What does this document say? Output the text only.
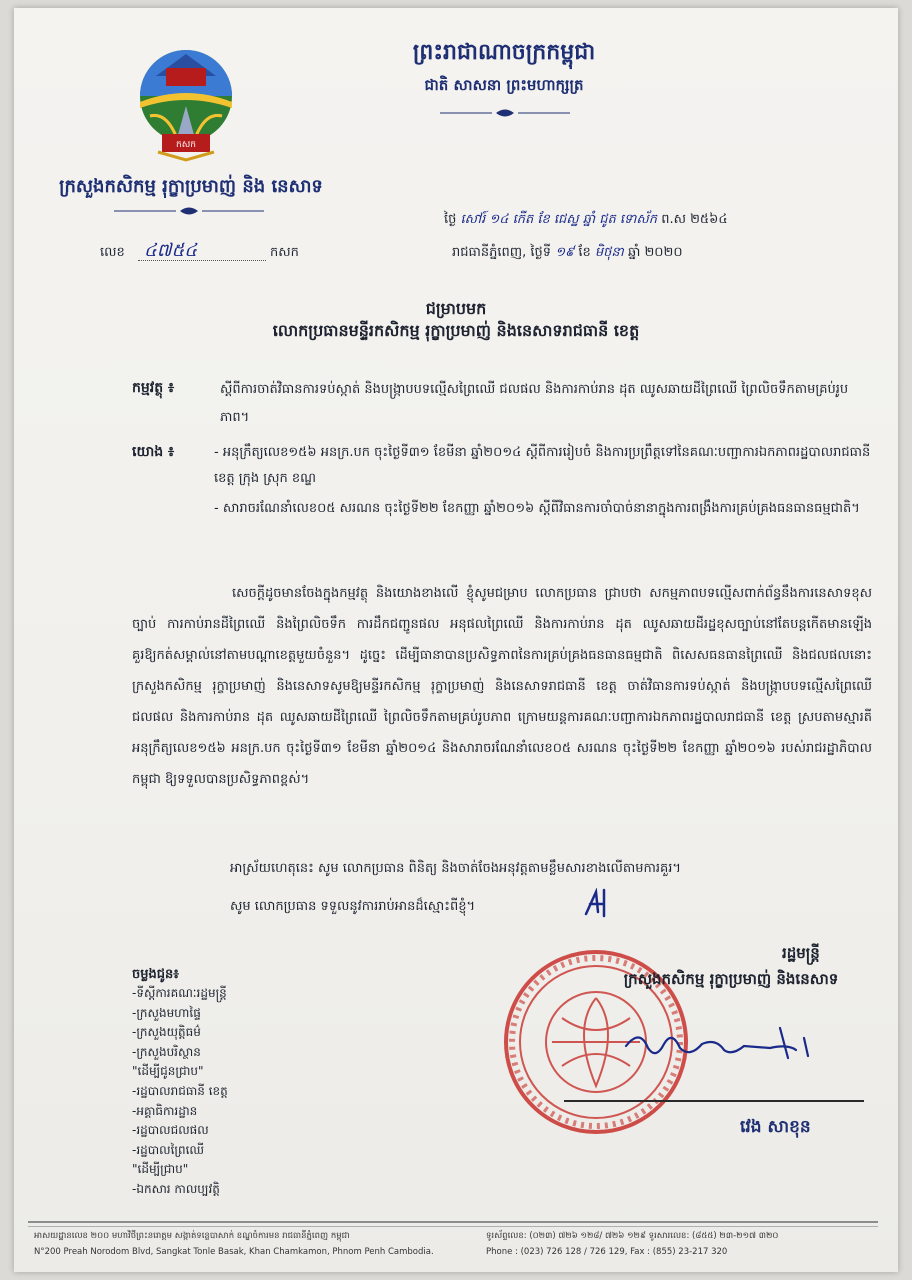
កសក
ព្រះរាជាណាចក្រកម្ពុជា
ជាតិ សាសនា ព្រះមហាក្សត្រ
ក្រសួងកសិកម្ម រុក្ខាប្រមាញ់ និង នេសាទ
លេខ ៤៧៥៤	កសក
ថ្ងៃ សៅរ៍ ១៤ កើត ខែ ជេស្ឋ ឆ្នាំ ជូត ទោស័ក ព.ស ២៥៦៤
រាជធានីភ្នំពេញ, ថ្ងៃទី ១៩ ខែ មិថុនា ឆ្នាំ ២០២០
ជម្រាបមក
លោកប្រធានមន្ទីរកសិកម្ម រុក្ខាប្រមាញ់ និងនេសាទរាជធានី ខេត្ត
កម្មវត្ថុ ៖	ស្តីពីការចាត់វិធានការទប់ស្កាត់ និងបង្ក្រាបបទល្មើសព្រៃឈើ ជលផល និងការកាប់រាន ដុត ឈូសឆាយដីព្រៃឈើ ព្រៃលិចទឹកតាមគ្រប់រូបភាព។
យោង ៖	- អនុក្រឹត្យលេខ១៥៦ អនក្រ.បក ចុះថ្ងៃទី៣១ ខែមីនា ឆ្នាំ២០១៤ ស្តីពីការរៀបចំ និងការប្រព្រឹត្តទៅនៃគណៈបញ្ជាការឯកភាពរដ្ឋបាលរាជធានី ខេត្ត ក្រុង ស្រុក ខណ្ឌ
- សារាចរណែនាំលេខ០៥ សរណន ចុះថ្ងៃទី២២ ខែកញ្ញា ឆ្នាំ២០១៦ ស្តីពីវិធានការចាំបាច់នានាក្នុងការពង្រឹងការគ្រប់គ្រងធនធានធម្មជាតិ។
សេចក្តីដូចមានចែងក្នុងកម្មវត្ថុ និងយោងខាងលើ ខ្ញុំសូមជម្រាប លោកប្រធាន ជ្រាបថា សកម្មភាពបទល្មើសពាក់ព័ន្ធនឹងការនេសាទខុសច្បាប់ ការកាប់រានដីព្រៃឈើ និងព្រៃលិចទឹក ការដឹកជញ្ជូនផល អនុផលព្រៃឈើ និងការកាប់រាន ដុត ឈូសឆាយដីរដ្ឋខុសច្បាប់នៅតែបន្តកើតមានឡើងគួរឱ្យកត់សម្គាល់នៅតាមបណ្តាខេត្តមួយចំនួន។ ដូច្នេះ ដើម្បីធានាបានប្រសិទ្ធភាពនៃការគ្រប់គ្រងធនធានធម្មជាតិ ពិសេសធនធានព្រៃឈើ និងជលផលនោះ ក្រសួងកសិកម្ម រុក្ខាប្រមាញ់ និងនេសាទសូមឱ្យមន្ទីរកសិកម្ម រុក្ខាប្រមាញ់ និងនេសាទរាជធានី ខេត្ត ចាត់វិធានការទប់ស្កាត់ និងបង្ក្រាបបទល្មើសព្រៃឈើ ជលផល និងការកាប់រាន ដុត ឈូសឆាយដីព្រៃឈើ ព្រៃលិចទឹកតាមគ្រប់រូបភាព ក្រោមយន្តការគណៈបញ្ជាការឯកភាពរដ្ឋបាលរាជធានី ខេត្ត ស្របតាមស្មារតីអនុក្រឹត្យលេខ១៥៦ អនក្រ.បក ចុះថ្ងៃទី៣១ ខែមីនា ឆ្នាំ២០១៤ និងសារាចរណែនាំលេខ០៥ សរណន ចុះថ្ងៃទី២២ ខែកញ្ញា ឆ្នាំ២០១៦ របស់រាជរដ្ឋាភិបាលកម្ពុជា ឱ្យទទួលបានប្រសិទ្ធភាពខ្ពស់។
អាស្រ័យហេតុនេះ សូម លោកប្រធាន ពិនិត្យ និងចាត់ចែងអនុវត្តតាមខ្លឹមសារខាងលើតាមការគួរ។
សូម លោកប្រធាន ទទួលនូវការរាប់អានដ៏ស្មោះពីខ្ញុំ។
រដ្ឋមន្ត្រី
ក្រសួងកសិកម្ម រុក្ខាប្រមាញ់ និងនេសាទ
វេង សាខុន
ចម្លងជូន៖
-ទីស្តីការគណៈរដ្ឋមន្ត្រី
-ក្រសួងមហាផ្ទៃ
-ក្រសួងយុត្តិធម៌
-ក្រសួងបរិស្ថាន
"ដើម្បីជូនជ្រាប"
-រដ្ឋបាលរាជធានី ខេត្ត
-អគ្គាធិការដ្ឋាន
-រដ្ឋបាលជលផល
-រដ្ឋបាលព្រៃឈើ
"ដើម្បីជ្រាប"
-ឯកសារ កាលប្បវត្តិ
អាសយដ្ឋានលេខ ២០០ មហាវិថីព្រះនរោត្តម សង្កាត់ទន្លេបាសាក់ ខណ្ឌចំការមន រាជធានីភ្នំពេញ កម្ពុជា
N°200 Preah Norodom Blvd, Sangkat Tonle Basak, Khan Chamkamon, Phnom Penh Cambodia.
ទូរស័ព្ទលេខ: (០២៣) ៧២៦ ១២៨/ ៧២៦ ១២៩ ទូរសារលេខ: (៨៥៥) ២៣-២១៧ ៣២០
Phone : (023) 726 128 / 726 129, Fax : (855) 23-217 320
